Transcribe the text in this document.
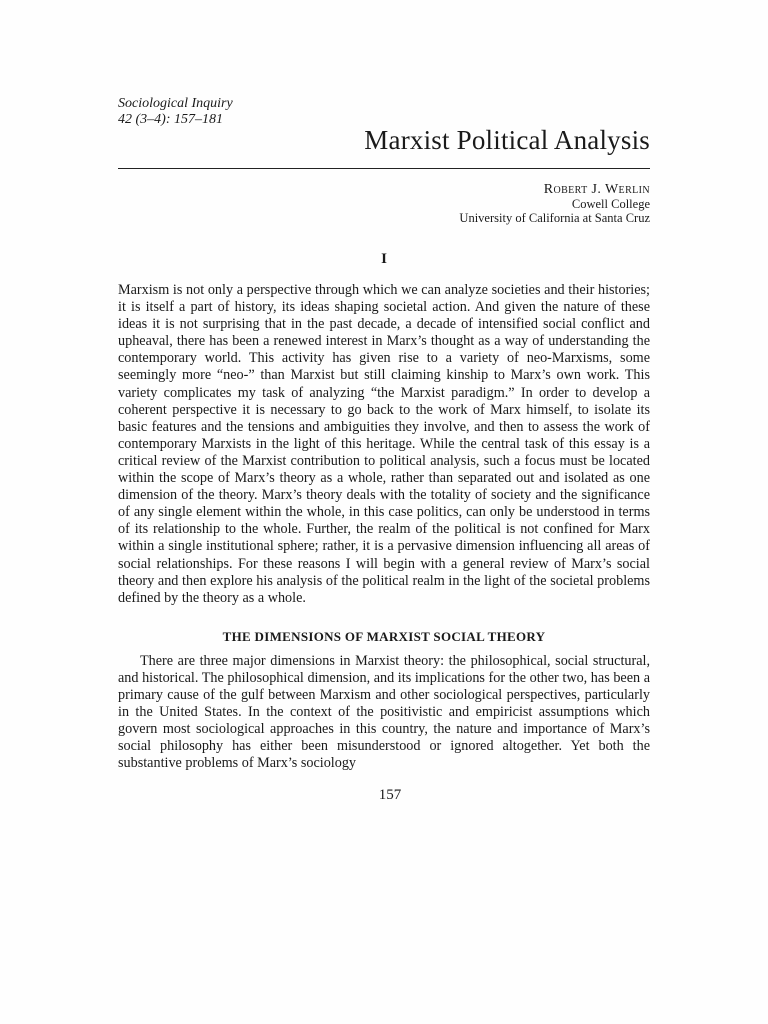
Sociological Inquiry
42 (3–4): 157–181
Marxist Political Analysis
Robert J. Werlin
Cowell College
University of California at Santa Cruz
I

Marxism is not only a perspective through which we can analyze societies and their histories; it is itself a part of history, its ideas shaping societal action. And given the nature of these ideas it is not surprising that in the past decade, a decade of intensified social conflict and upheaval, there has been a renewed interest in Marx’s thought as a way of understanding the contemporary world. This activity has given rise to a variety of neo-Marxisms, some seemingly more “neo-” than Marxist but still claiming kinship to Marx’s own work. This variety complicates my task of analyzing “the Marxist paradigm.” In order to develop a coherent perspective it is necessary to go back to the work of Marx himself, to isolate its basic features and the tensions and ambiguities they involve, and then to assess the work of contemporary Marxists in the light of this heritage. While the central task of this essay is a critical review of the Marxist contribution to political analysis, such a focus must be located within the scope of Marx’s theory as a whole, rather than separated out and isolated as one dimension of the theory. Marx’s theory deals with the totality of society and the significance of any single element within the whole, in this case politics, can only be understood in terms of its relationship to the whole. Further, the realm of the political is not confined for Marx within a single institutional sphere; rather, it is a pervasive dimension influencing all areas of social relationships. For these reasons I will begin with a general review of Marx’s social theory and then explore his analysis of the political realm in the light of the societal problems defined by the theory as a whole.

THE DIMENSIONS OF MARXIST SOCIAL THEORY

There are three major dimensions in Marxist theory: the philosophical, social structural, and historical. The philosophical dimension, and its implications for the other two, has been a primary cause of the gulf between Marxism and other sociological perspectives, particularly in the United States. In the context of the positivistic and empiricist assumptions which govern most sociological approaches in this country, the nature and importance of Marx’s social philosophy has either been misunderstood or ignored altogether. Yet both the substantive problems of Marx’s sociology

157
